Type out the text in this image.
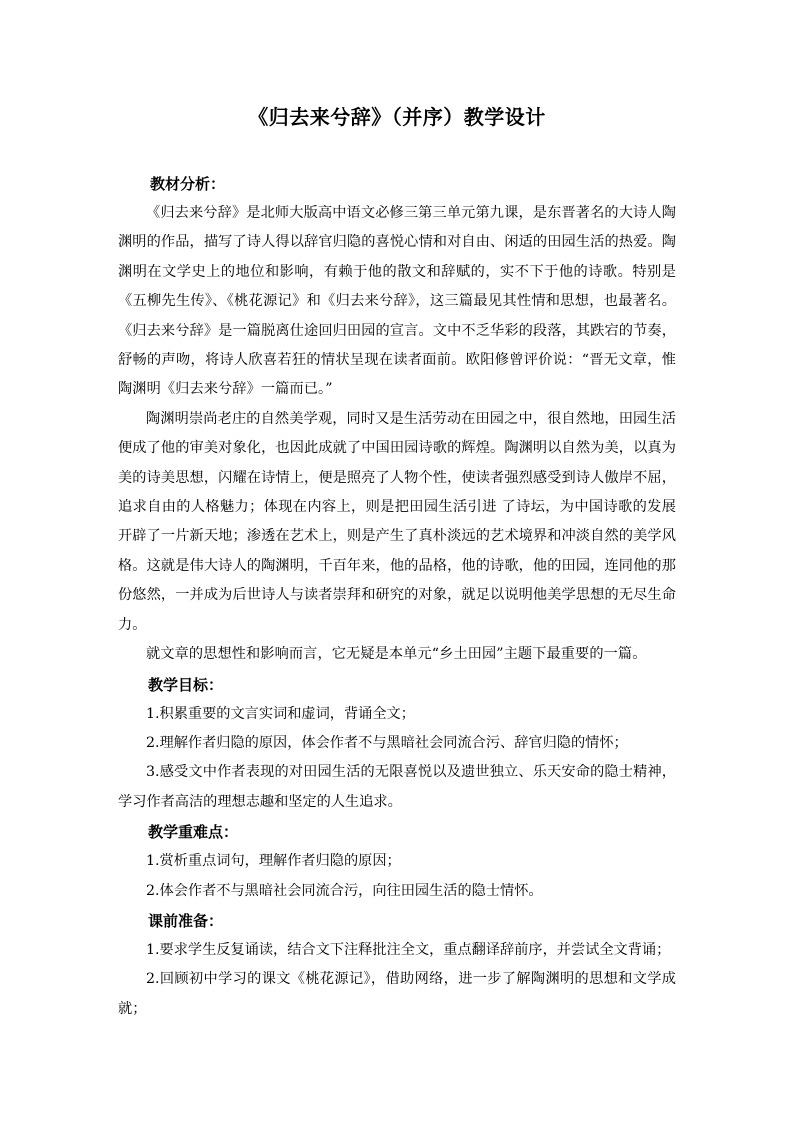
《归去来兮辞》（并序）教学设计

教材分析：

《归去来兮辞》是北师大版高中语文必修三第三单元第九课，是东晋著名的大诗人陶渊明的作品，描写了诗人得以辞官归隐的喜悦心情和对自由、闲适的田园生活的热爱。陶渊明在文学史上的地位和影响，有赖于他的散文和辞赋的，实不下于他的诗歌。特别是《五柳先生传》、《桃花源记》和《归去来兮辞》，这三篇最见其性情和思想，也最著名。《归去来兮辞》是一篇脱离仕途回归田园的宣言。文中不乏华彩的段落，其跌宕的节奏，舒畅的声吻，将诗人欣喜若狂的情状呈现在读者面前。欧阳修曾评价说：“晋无文章，惟陶渊明《归去来兮辞》一篇而已。”

陶渊明崇尚老庄的自然美学观，同时又是生活劳动在田园之中，很自然地，田园生活便成了他的审美对象化，也因此成就了中国田园诗歌的辉煌。陶渊明以自然为美，以真为美的诗美思想，闪耀在诗情上，便是照亮了人物个性，使读者强烈感受到诗人傲岸不屈，追求自由的人格魅力；体现在内容上，则是把田园生活引进 了诗坛，为中国诗歌的发展开辟了一片新天地；渗透在艺术上，则是产生了真朴淡远的艺术境界和冲淡自然的美学风格。这就是伟大诗人的陶渊明，千百年来，他的品格，他的诗歌，他的田园，连同他的那份悠然，一并成为后世诗人与读者崇拜和研究的对象，就足以说明他美学思想的无尽生命力。

就文章的思想性和影响而言，它无疑是本单元“乡土田园”主题下最重要的一篇。

教学目标：

1.积累重要的文言实词和虚词，背诵全文；

2.理解作者归隐的原因，体会作者不与黑暗社会同流合污、辞官归隐的情怀；

3.感受文中作者表现的对田园生活的无限喜悦以及遗世独立、乐天安命的隐士精神，学习作者高洁的理想志趣和坚定的人生追求。

教学重难点：

1.赏析重点词句，理解作者归隐的原因；

2.体会作者不与黑暗社会同流合污，向往田园生活的隐士情怀。

课前准备：

1.要求学生反复诵读，结合文下注释批注全文，重点翻译辞前序，并尝试全文背诵；

2.回顾初中学习的课文《桃花源记》，借助网络，进一步了解陶渊明的思想和文学成就；
